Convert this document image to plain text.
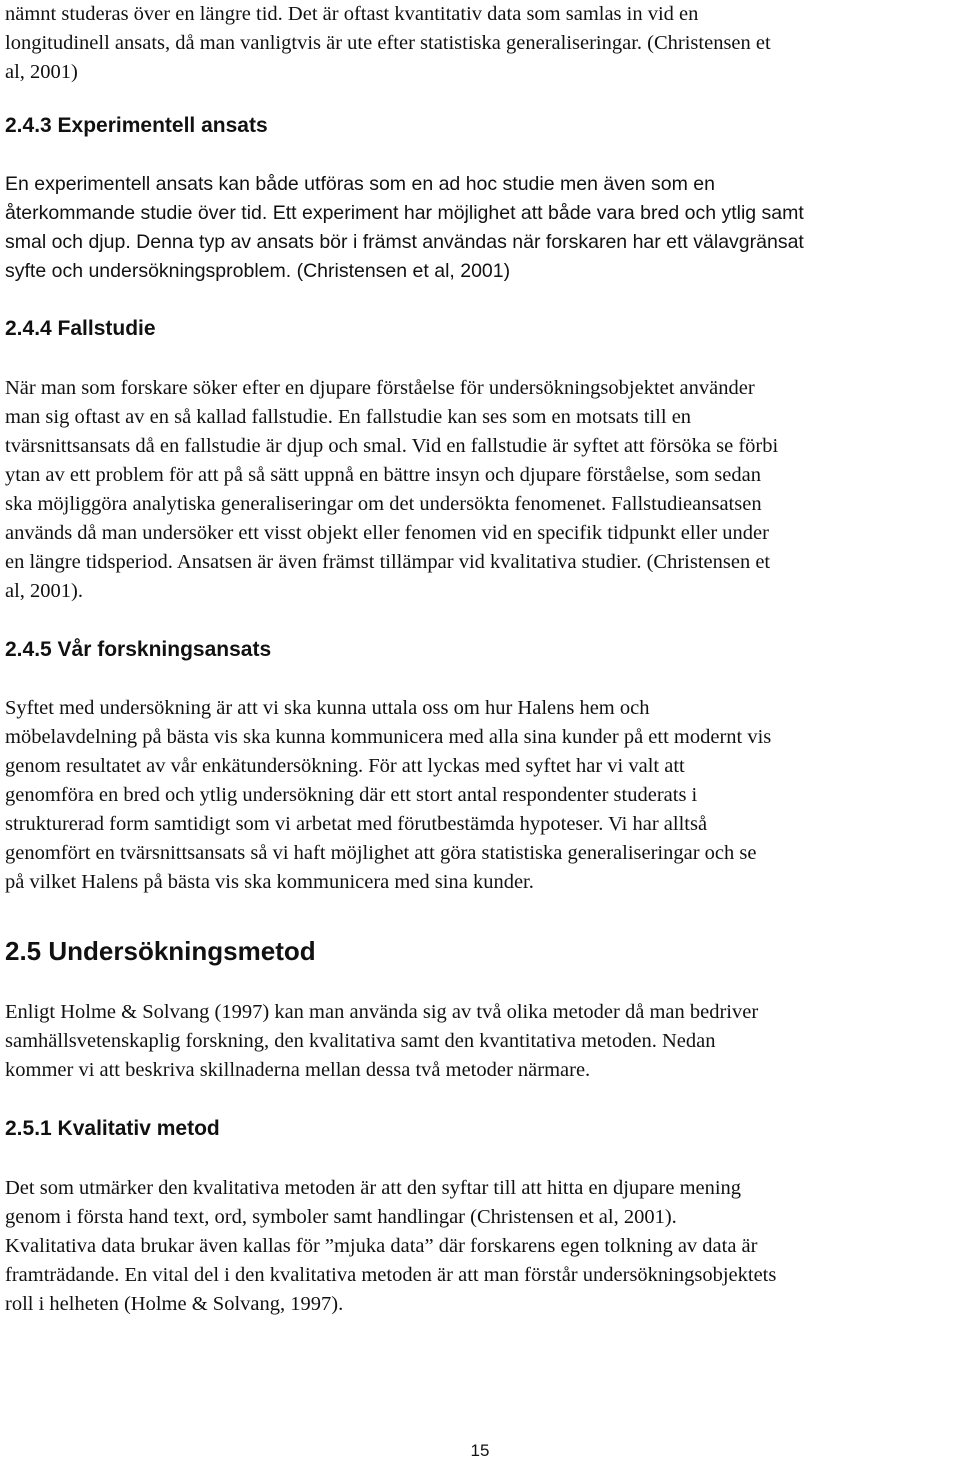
nämnt studeras över en längre tid. Det är oftast kvantitativ data som samlas in vid en
longitudinell ansats, då man vanligtvis är ute efter statistiska generaliseringar. (Christensen et
al, 2001)
2.4.3 Experimentell ansats
En experimentell ansats kan både utföras som en ad hoc studie men även som en
återkommande studie över tid. Ett experiment har möjlighet att både vara bred och ytlig samt
smal och djup. Denna typ av ansats bör i främst användas när forskaren har ett välavgränsat
syfte och undersökningsproblem. (Christensen et al, 2001)
2.4.4 Fallstudie
När man som forskare söker efter en djupare förståelse för undersökningsobjektet använder
man sig oftast av en så kallad fallstudie. En fallstudie kan ses som en motsats till en
tvärsnittsansats då en fallstudie är djup och smal. Vid en fallstudie är syftet att försöka se förbi
ytan av ett problem för att på så sätt uppnå en bättre insyn och djupare förståelse, som sedan
ska möjliggöra analytiska generaliseringar om det undersökta fenomenet. Fallstudieansatsen
används då man undersöker ett visst objekt eller fenomen vid en specifik tidpunkt eller under
en längre tidsperiod. Ansatsen är även främst tillämpar vid kvalitativa studier. (Christensen et
al, 2001).
2.4.5 Vår forskningsansats
Syftet med undersökning är att vi ska kunna uttala oss om hur Halens hem och
möbelavdelning på bästa vis ska kunna kommunicera med alla sina kunder på ett modernt vis
genom resultatet av vår enkätundersökning. För att lyckas med syftet har vi valt att
genomföra en bred och ytlig undersökning där ett stort antal respondenter studerats i
strukturerad form samtidigt som vi arbetat med förutbestämda hypoteser. Vi har alltså
genomfört en tvärsnittsansats så vi haft möjlighet att göra statistiska generaliseringar och se
på vilket Halens på bästa vis ska kommunicera med sina kunder.
2.5 Undersökningsmetod
Enligt Holme & Solvang (1997) kan man använda sig av två olika metoder då man bedriver
samhällsvetenskaplig forskning, den kvalitativa samt den kvantitativa metoden. Nedan
kommer vi att beskriva skillnaderna mellan dessa två metoder närmare.
2.5.1 Kvalitativ metod
Det som utmärker den kvalitativa metoden är att den syftar till att hitta en djupare mening
genom i första hand text, ord, symboler samt handlingar (Christensen et al, 2001).
Kvalitativa data brukar även kallas för ”mjuka data” där forskarens egen tolkning av data är
framträdande. En vital del i den kvalitativa metoden är att man förstår undersökningsobjektets
roll i helheten (Holme & Solvang, 1997).
15
